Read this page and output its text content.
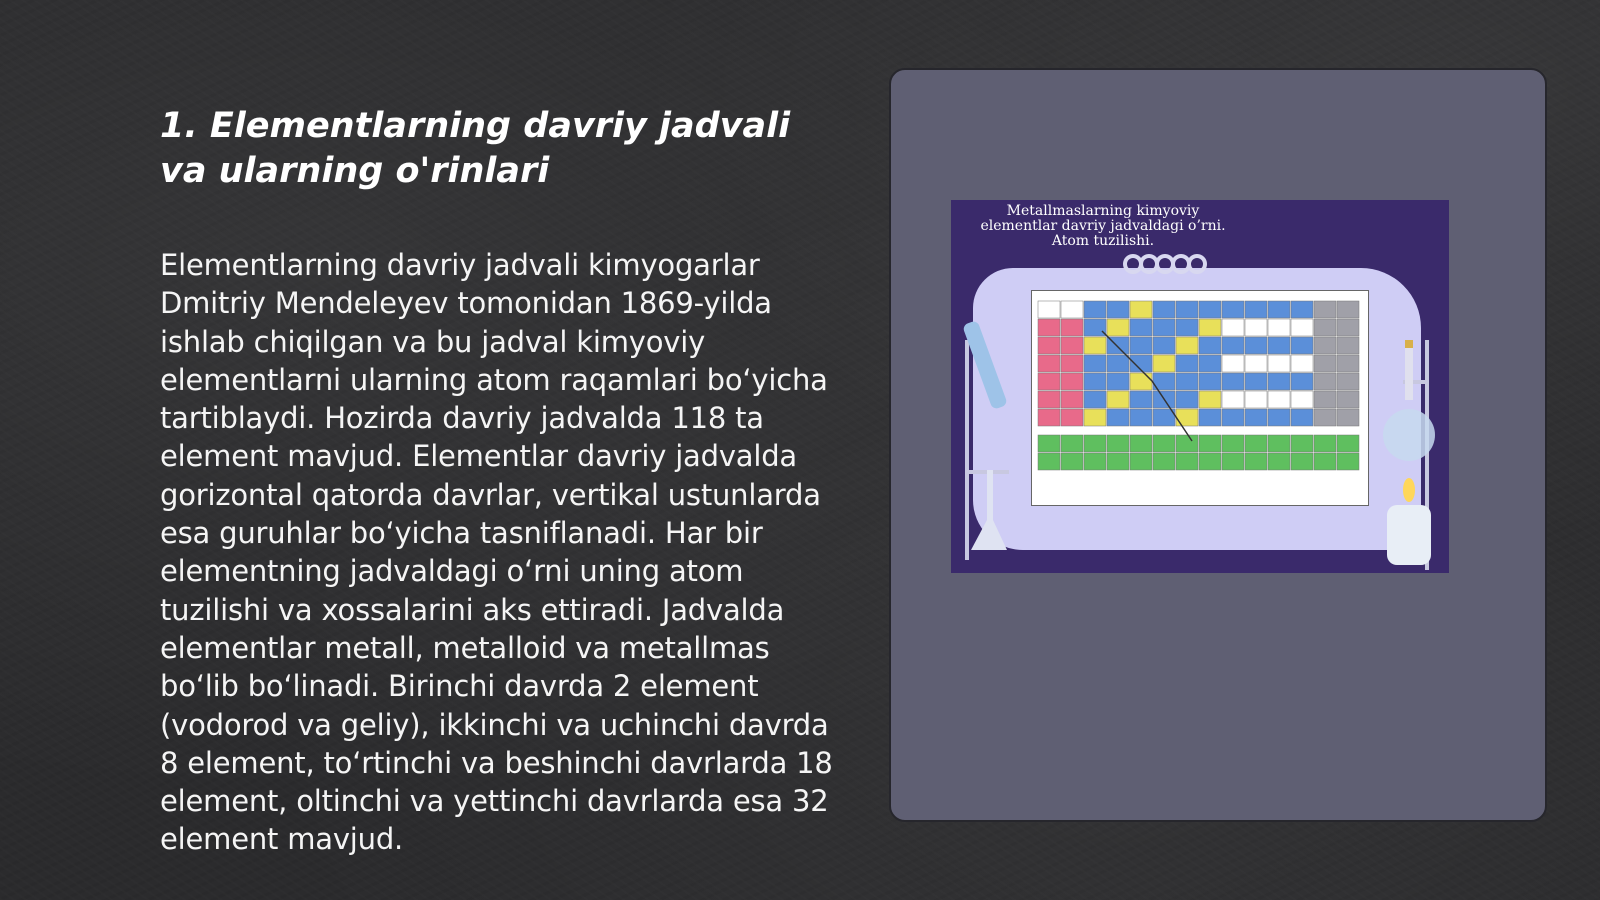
1. Elementlarning davriy jadvali va ularning o'rinlari

Elementlarning davriy jadvali kimyogarlar Dmitriy Mendeleyev tomonidan 1869-yilda ishlab chiqilgan va bu jadval kimyoviy elementlarni ularning atom raqamlari bo‘yicha tartiblaydi. Hozirda davriy jadvalda 118 ta element mavjud. Elementlar davriy jadvalda gorizontal qatorda davrlar, vertikal ustunlarda esa guruhlar bo‘yicha tasniflanadi. Har bir elementning jadvaldagi o‘rni uning atom tuzilishi va xossalarini aks ettiradi. Jadvalda elementlar metall, metalloid va metallmas bo‘lib bo‘linadi. Birinchi davrda 2 element (vodorod va geliy), ikkinchi va uchinchi davrda 8 element, to‘rtinchi va beshinchi davrlarda 18 element, oltinchi va yettinchi davrlarda esa 32 element mavjud.

Metallmaslarning kimyoviy
elementlar davriy jadvaldagi o’rni.
Atom tuzilishi.
